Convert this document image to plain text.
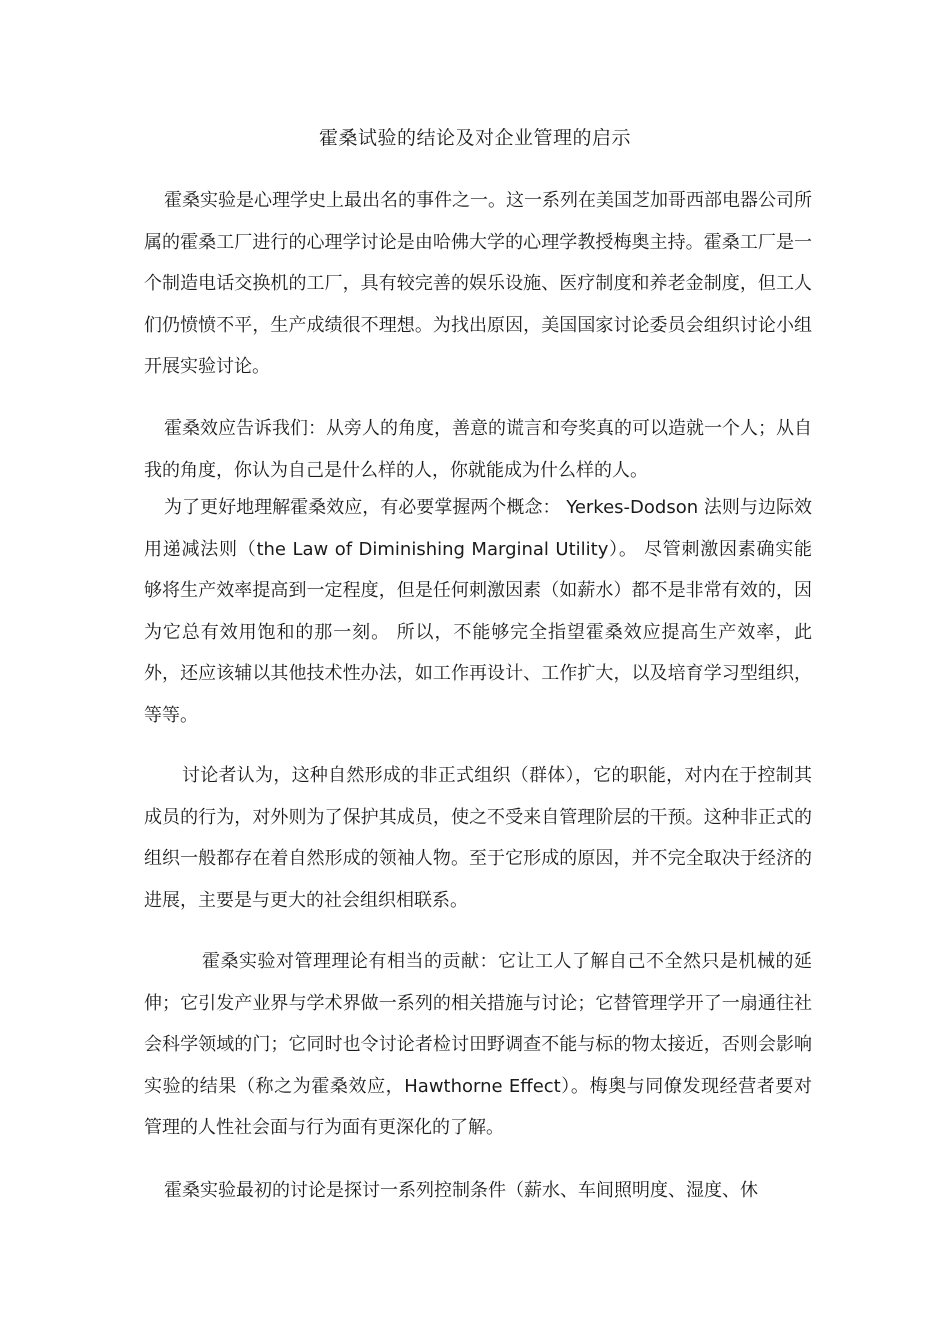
霍桑试验的结论及对企业管理的启示

霍桑实验是心理学史上最出名的事件之一。这一系列在美国芝加哥西部电器公司所属的霍桑工厂进行的心理学讨论是由哈佛大学的心理学教授梅奥主持。霍桑工厂是一个制造电话交换机的工厂，具有较完善的娱乐设施、医疗制度和养老金制度，但工人们仍愤愤不平，生产成绩很不理想。为找出原因，美国国家讨论委员会组织讨论小组开展实验讨论。

霍桑效应告诉我们：从旁人的角度，善意的谎言和夸奖真的可以造就一个人；从自我的角度，你认为自己是什么样的人，你就能成为什么样的人。

为了更好地理解霍桑效应，有必要掌握两个概念： Yerkes-Dodson 法则与边际效用递减法则（the Law of Diminishing Marginal Utility）。 尽管刺激因素确实能够将生产效率提高到一定程度，但是任何刺激因素（如薪水）都不是非常有效的，因为它总有效用饱和的那一刻。 所以，不能够完全指望霍桑效应提高生产效率，此外，还应该辅以其他技术性办法，如工作再设计、工作扩大，以及培育学习型组织，等等。

讨论者认为，这种自然形成的非正式组织（群体），它的职能，对内在于控制其成员的行为，对外则为了保护其成员，使之不受来自管理阶层的干预。这种非正式的组织一般都存在着自然形成的领袖人物。至于它形成的原因，并不完全取决于经济的进展，主要是与更大的社会组织相联系。

霍桑实验对管理理论有相当的贡献：它让工人了解自己不全然只是机械的延伸；它引发产业界与学术界做一系列的相关措施与讨论；它替管理学开了一扇通往社会科学领域的门；它同时也令讨论者检讨田野调查不能与标的物太接近，否则会影响实验的结果（称之为霍桑效应，Hawthorne Effect）。梅奥与同僚发现经营者要对管理的人性社会面与行为面有更深化的了解。

霍桑实验最初的讨论是探讨一系列控制条件（薪水、车间照明度、湿度、休
